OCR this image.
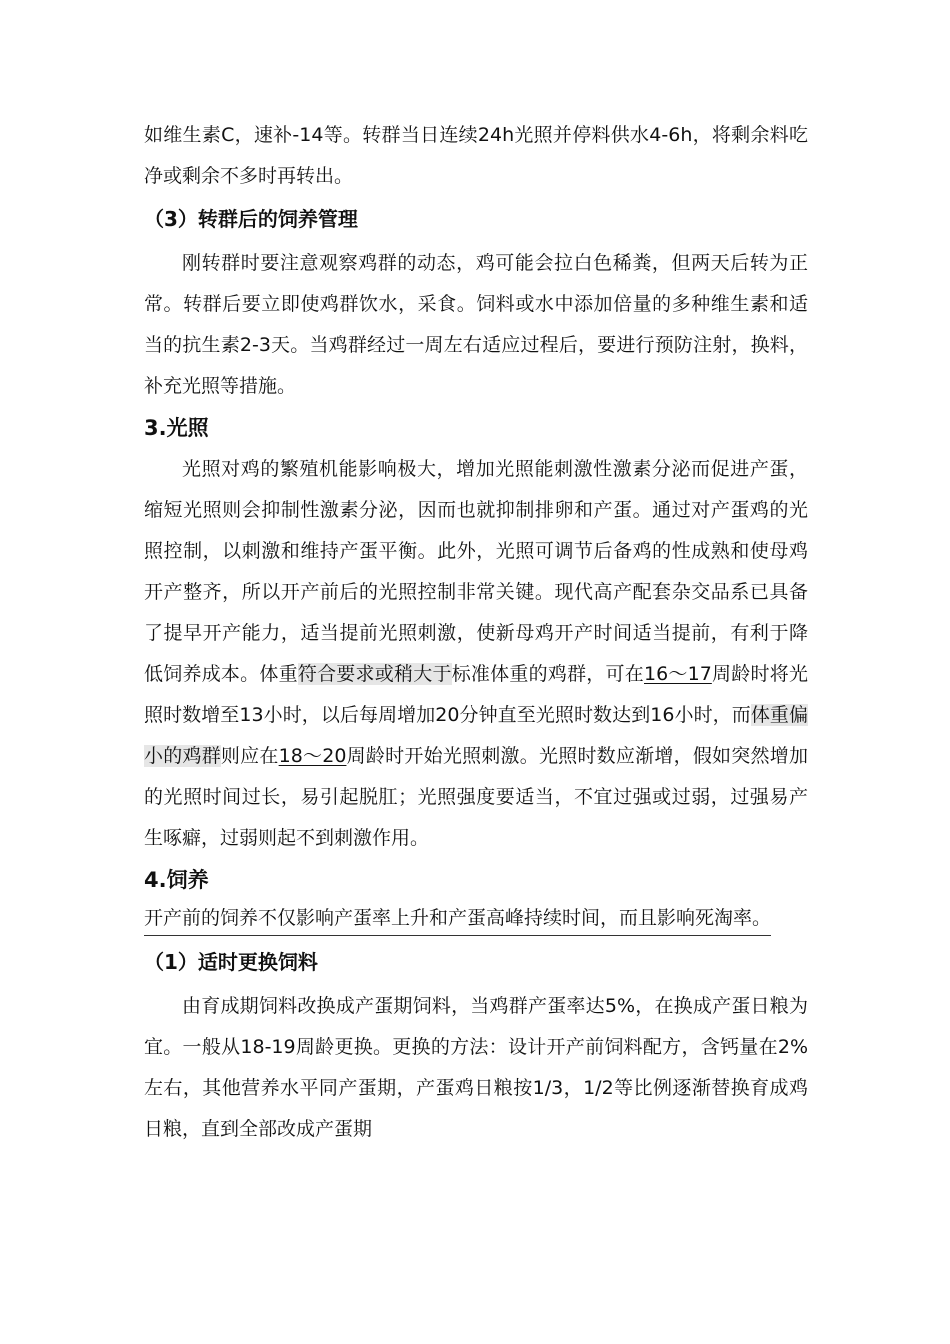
如维生素C，速补-14等。转群当日连续24h光照并停料供水4-6h，将剩余料吃净或剩余不多时再转出。

（3）转群后的饲养管理

刚转群时要注意观察鸡群的动态，鸡可能会拉白色稀粪，但两天后转为正常。转群后要立即使鸡群饮水，采食。饲料或水中添加倍量的多种维生素和适当的抗生素2-3天。当鸡群经过一周左右适应过程后，要进行预防注射，换料，补充光照等措施。

3.光照

光照对鸡的繁殖机能影响极大，增加光照能刺激性激素分泌而促进产蛋，缩短光照则会抑制性激素分泌，因而也就抑制排卵和产蛋。通过对产蛋鸡的光照控制，以刺激和维持产蛋平衡。此外，光照可调节后备鸡的性成熟和使母鸡开产整齐，所以开产前后的光照控制非常关键。现代高产配套杂交品系已具备了提早开产能力，适当提前光照刺激，使新母鸡开产时间适当提前，有利于降低饲养成本。体重符合要求或稍大于标准体重的鸡群，可在16～17周龄时将光照时数增至13小时，以后每周增加20分钟直至光照时数达到16小时，而体重偏小的鸡群则应在18～20周龄时开始光照刺激。光照时数应渐增，假如突然增加的光照时间过长，易引起脱肛；光照强度要适当，不宜过强或过弱，过强易产生啄癖，过弱则起不到刺激作用。

4.饲养
开产前的饲养不仅影响产蛋率上升和产蛋高峰持续时间，而且影响死淘率。
（1）适时更换饲料

由育成期饲料改换成产蛋期饲料，当鸡群产蛋率达5%，在换成产蛋日粮为宜。一般从18-19周龄更换。更换的方法：设计开产前饲料配方，含钙量在2%左右，其他营养水平同产蛋期，产蛋鸡日粮按1/3，1/2等比例逐渐替换育成鸡日粮，直到全部改成产蛋期
